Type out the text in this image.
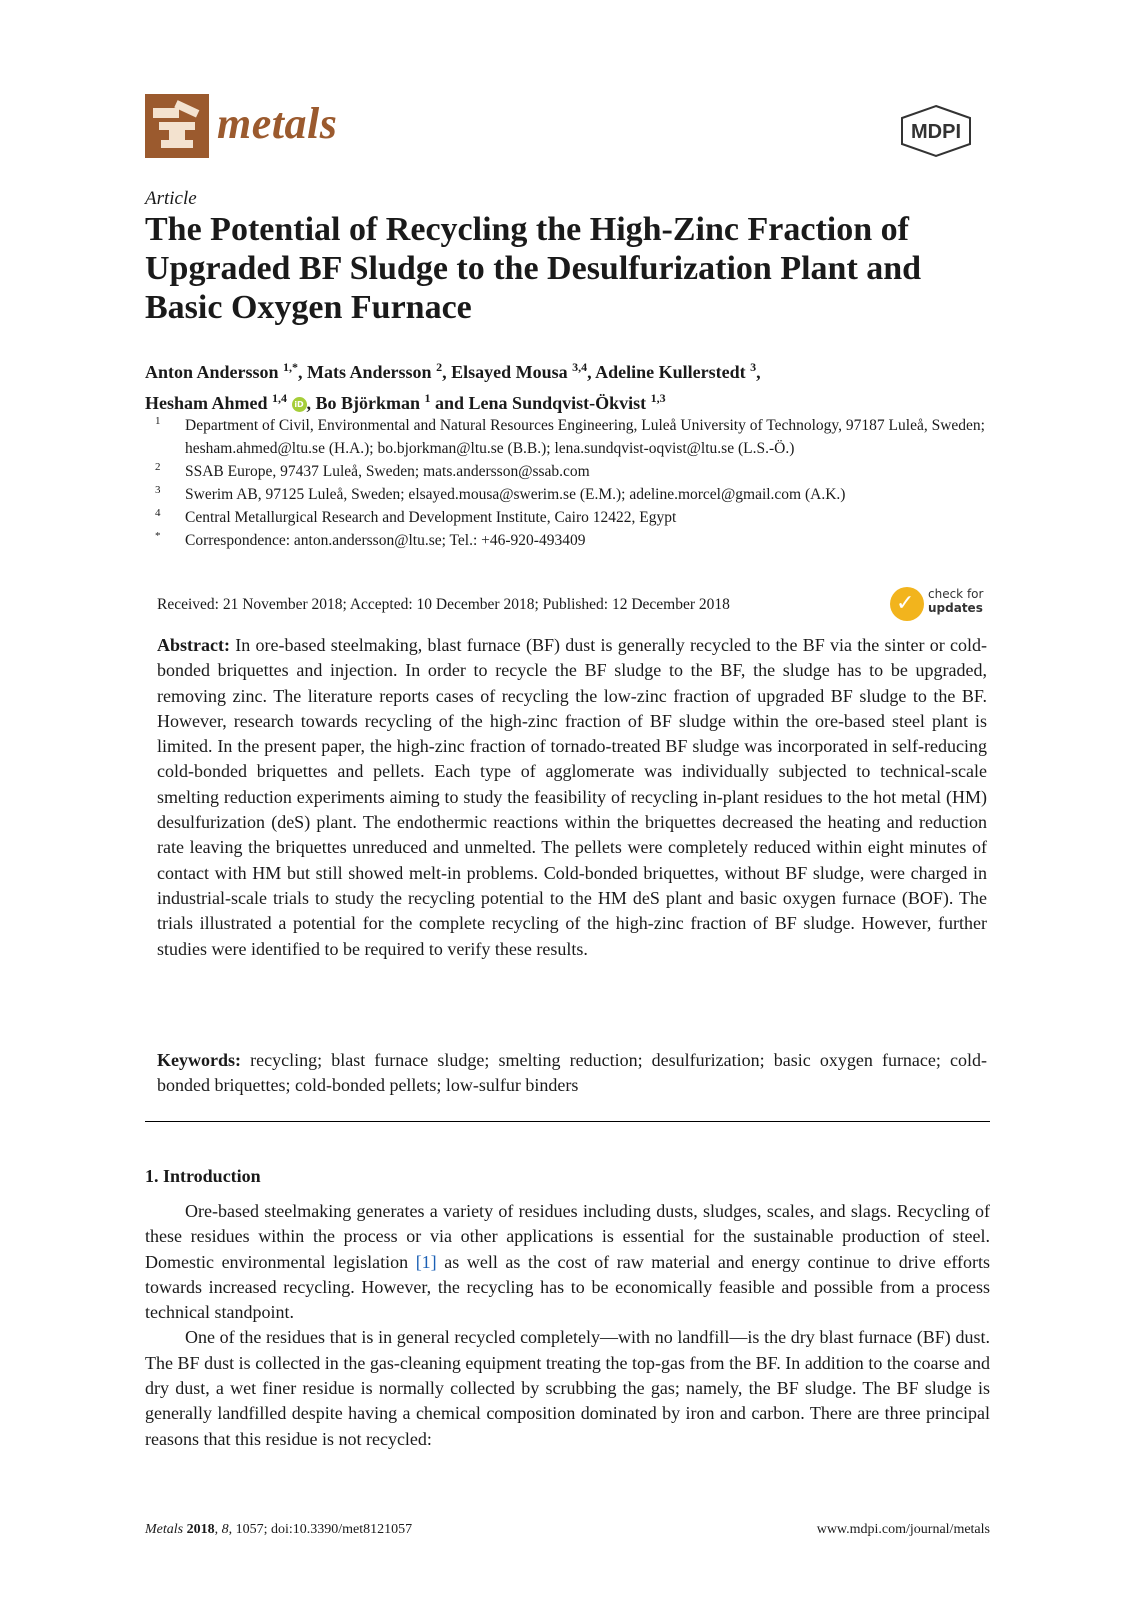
metals	MDPI
Article
The Potential of Recycling the High-Zinc Fraction of Upgraded BF Sludge to the Desulfurization Plant and Basic Oxygen Furnace
Anton Andersson $^{1,*}$, Mats Andersson $^2$, Elsayed Mousa $^{3,4}$, Adeline Kullerstedt $^3$,
Hesham Ahmed $^{1,4}$ iD , Bo Björkman $^1$ and Lena Sundqvist-Ökvist $^{1,3}$
1 Department of Civil, Environmental and Natural Resources Engineering, Luleå University of Technology, 97187 Luleå, Sweden; hesham.ahmed@ltu.se (H.A.); bo.bjorkman@ltu.se (B.B.); lena.sundqvist-oqvist@ltu.se (L.S.-Ö.)
2 SSAB Europe, 97437 Luleå, Sweden; mats.andersson@ssab.com
3 Swerim AB, 97125 Luleå, Sweden; elsayed.mousa@swerim.se (E.M.); adeline.morcel@gmail.com (A.K.)
4 Central Metallurgical Research and Development Institute, Cairo 12422, Egypt
* Correspondence: anton.andersson@ltu.se; Tel.: +46-920-493409
Received: 21 November 2018; Accepted: 10 December 2018; Published: 12 December 2018	✓ check for
updates

Abstract: In ore-based steelmaking, blast furnace (BF) dust is generally recycled to the BF via the sinter or cold-bonded briquettes and injection. In order to recycle the BF sludge to the BF, the sludge has to be upgraded, removing zinc. The literature reports cases of recycling the low-zinc fraction of upgraded BF sludge to the BF. However, research towards recycling of the high-zinc fraction of BF sludge within the ore-based steel plant is limited. In the present paper, the high-zinc fraction of tornado-treated BF sludge was incorporated in self-reducing cold-bonded briquettes and pellets. Each type of agglomerate was individually subjected to technical-scale smelting reduction experiments aiming to study the feasibility of recycling in-plant residues to the hot metal (HM) desulfurization (deS) plant. The endothermic reactions within the briquettes decreased the heating and reduction rate leaving the briquettes unreduced and unmelted. The pellets were completely reduced within eight minutes of contact with HM but still showed melt-in problems. Cold-bonded briquettes, without BF sludge, were charged in industrial-scale trials to study the recycling potential to the HM deS plant and basic oxygen furnace (BOF). The trials illustrated a potential for the complete recycling of the high-zinc fraction of BF sludge. However, further studies were identified to be required to verify these results.

Keywords: recycling; blast furnace sludge; smelting reduction; desulfurization; basic oxygen furnace; cold-bonded briquettes; cold-bonded pellets; low-sulfur binders

1. Introduction

Ore-based steelmaking generates a variety of residues including dusts, sludges, scales, and slags. Recycling of these residues within the process or via other applications is essential for the sustainable production of steel. Domestic environmental legislation [1] as well as the cost of raw material and energy continue to drive efforts towards increased recycling. However, the recycling has to be economically feasible and possible from a process technical standpoint.

One of the residues that is in general recycled completely—with no landfill—is the dry blast furnace (BF) dust. The BF dust is collected in the gas-cleaning equipment treating the top-gas from the BF. In addition to the coarse and dry dust, a wet finer residue is normally collected by scrubbing the gas; namely, the BF sludge. The BF sludge is generally landfilled despite having a chemical composition dominated by iron and carbon. There are three principal reasons that this residue is not recycled:

Metals 2018, 8, 1057; doi:10.3390/met8121057	www.mdpi.com/journal/metals
